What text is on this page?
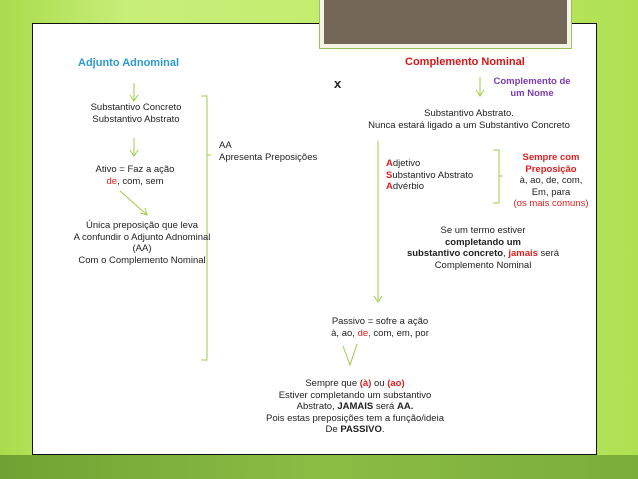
Adjunto Adnominal
Substantivo Concreto
Substantivo Abstrato
AA
Apresenta Preposições
Ativo = Faz a ação
de, com, sem
Única preposição que leva
A confundir o Adjunto Adnominal
(AA)
Com o Complemento Nominal
x
Complemento Nominal
Complemento de
um Nome
Substantivo Abstrato.
Nunca estará ligado a um Substantivo Concreto
Adjetivo
Substantivo Abstrato
Advérbio
Sempre com
Preposição
à, ao, de, com,
Em, para
(os mais comuns)
Se um termo estiver
completando um
substantivo concreto, jamais será
Complemento Nominal
Passivo = sofre a ação
à, ao, de, com, em, por
Sempre que (à) ou (ao)
Estiver completando um substantivo
Abstrato, JAMAIS será AA.
Pois estas preposições tem a função/ideia
De PASSIVO.
